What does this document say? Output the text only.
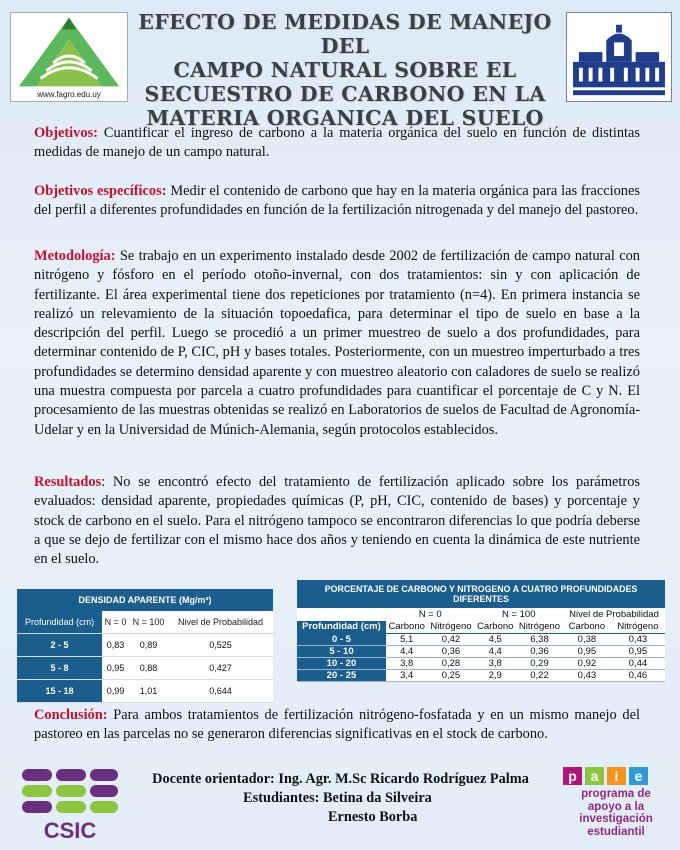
www.fagro.edu.uy
EFECTO DE MEDIDAS DE MANEJO DEL
CAMPO NATURAL SOBRE EL
SECUESTRO DE CARBONO EN LA
MATERIA ORGANICA DEL SUELO

Objetivos: Cuantificar el ingreso de carbono a la materia orgánica del suelo en función de distintas medidas de manejo de un campo natural.

Objetivos específicos: Medir el contenido de carbono que hay en la materia orgánica para las fracciones del perfil a diferentes profundidades en función de la fertilización nitrogenada y del manejo del pastoreo.

Metodología: Se trabajo en un experimento instalado desde 2002 de fertilización de campo natural con nitrógeno y fósforo en el período otoño-invernal, con dos tratamientos: sin y con aplicación de fertilizante. El área experimental tiene dos repeticiones por tratamiento (n=4). En primera instancia se realizó un relevamiento de la situación topoedafica, para determinar el tipo de suelo en base a la descripción del perfil. Luego se procedió a un primer muestreo de suelo a dos profundidades, para determinar contenido de P, CIC, pH y bases totales. Posteriormente, con un muestreo imperturbado a tres profundidades se determino densidad aparente y con muestreo aleatorio con caladores de suelo se realizó una muestra compuesta por parcela a cuatro profundidades para cuantificar el porcentaje de C y N. El procesamiento de las muestras obtenidas se realizó en Laboratorios de suelos de Facultad de Agronomía-Udelar y en la Universidad de Múnich-Alemania, según protocolos establecidos.

Resultados: No se encontró efecto del tratamiento de fertilización aplicado sobre los parámetros evaluados: densidad aparente, propiedades químicas (P, pH, CIC, contenido de bases) y porcentaje y stock de carbono en el suelo. Para el nitrógeno tampoco se encontraron diferencias lo que podría deberse a que se dejo de fertilizar con el mismo hace dos años y teniendo en cuenta la dinámica de este nutriente en el suelo.

DENSIDAD APARENTE (Mg/m³)			
Profundidad (cm)	N = 0	N = 100	Nivel de Probabilidad
2 - 5	0,83	0,89	0,525
5 - 8	0,95	0,88	0,427
15 - 18	0,99	1,01	0,644
PORCENTAJE DE CARBONO Y NITROGENO A CUATRO PROFUNDIDADES DIFERENTES						
	N = 0		N = 100		Nivel de Probabilidad	
Profundidad (cm)	Carbono	Nitrógeno	Carbono	Nitrógeno	Carbono	Nitrógeno
0 - 5	5,1	0,42	4,5	6,38	0,38	0,43
5 - 10	4,4	0,36	4,4	0,36	0,95	0,95
10 - 20	3,8	0,28	3,8	0,29	0,92	0,44
20 - 25	3,4	0,25	2,9	0,22	0,43	0,46

Conclusión: Para ambos tratamientos de fertilización nitrógeno-fosfatada y en un mismo manejo del pastoreo en las parcelas no se generaron diferencias significativas en el stock de carbono.

CSIC
Docente orientador: Ing. Agr. M.Sc Ricardo Rodríguez Palma
Estudiantes: Betina da Silveira
Ernesto Borba
p a	i	e
programa de
apoyo a la
investigación
estudiantil
